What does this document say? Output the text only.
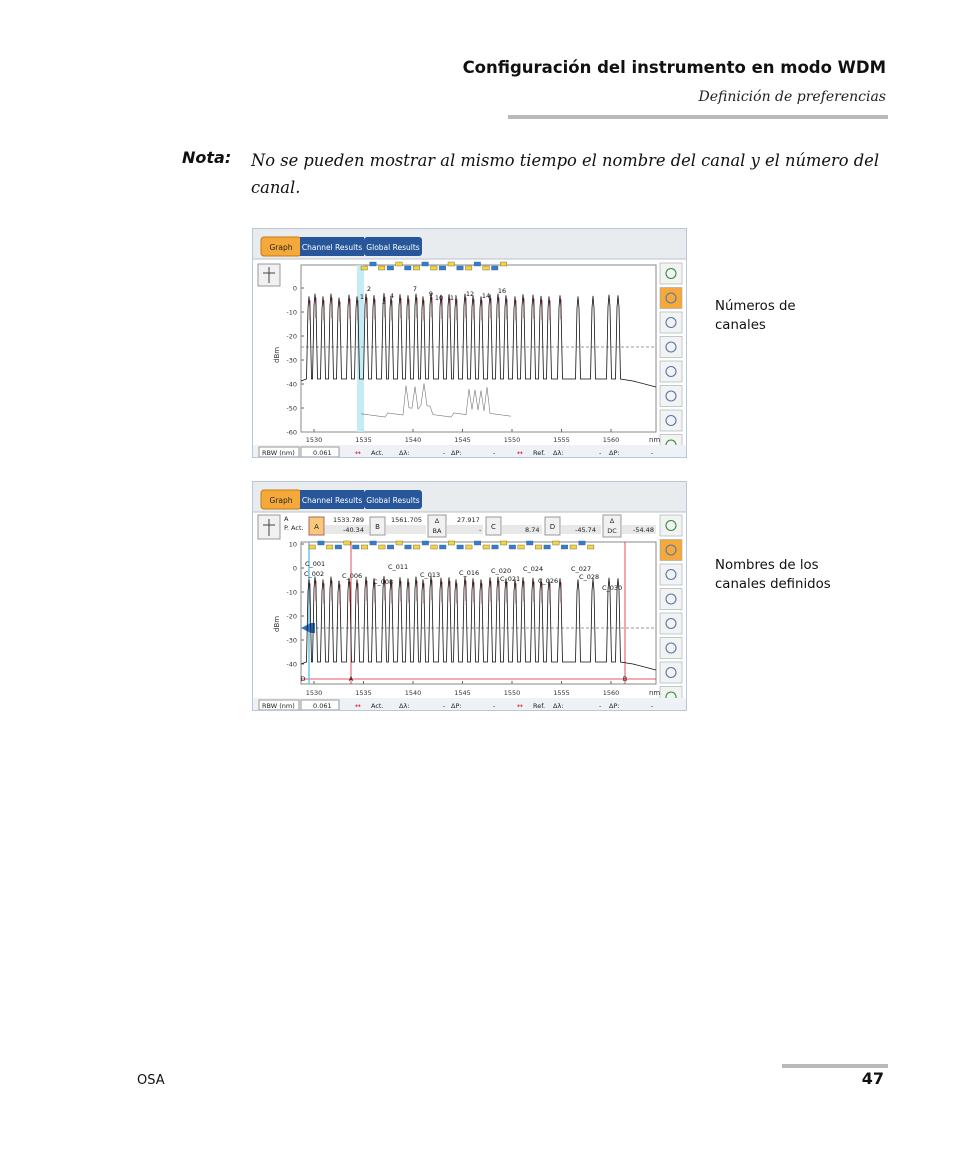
Configuración del instrumento en modo WDM
Definición de preferencias
Nota: No se pueden mostrar al mismo tiempo el nombre del canal y el número del canal.
Graph Channel Results Global Results
dBm
0
-10
-20
-30
-40
-50
-60
1530	1535	1540	1545	1550	1555	1560	nm
1
2
3
4
7
9 10 11 12 14
16
RBW (nm)	0.061	↔ Act. Δλ:	- ΔP:	-	↔ Ref. Δλ:	- ΔP:	-
Números de
canales
Graph Channel Results Global Results
A
P. Act. A
1533.789
-40.34 B
1561.705 Δ
BA
27.917
- C	8.74 D	-45.74
Δ
DC -54.48
dBm
10
0
-10
-20
-30
-40
1530	1535	1540	1545	1550	1555	1560	nm
C_001
C_002	C_006
C_008
C_011
C_013	C_016 C_020
C_021
C_024
C_026
C_027
C_028
C_030
D	A	B
RBW (nm)	0.061	↔ Act. Δλ:	- ΔP:	-	↔ Ref. Δλ:	- ΔP:	-
Nombres de los
canales definidos
OSA	47
